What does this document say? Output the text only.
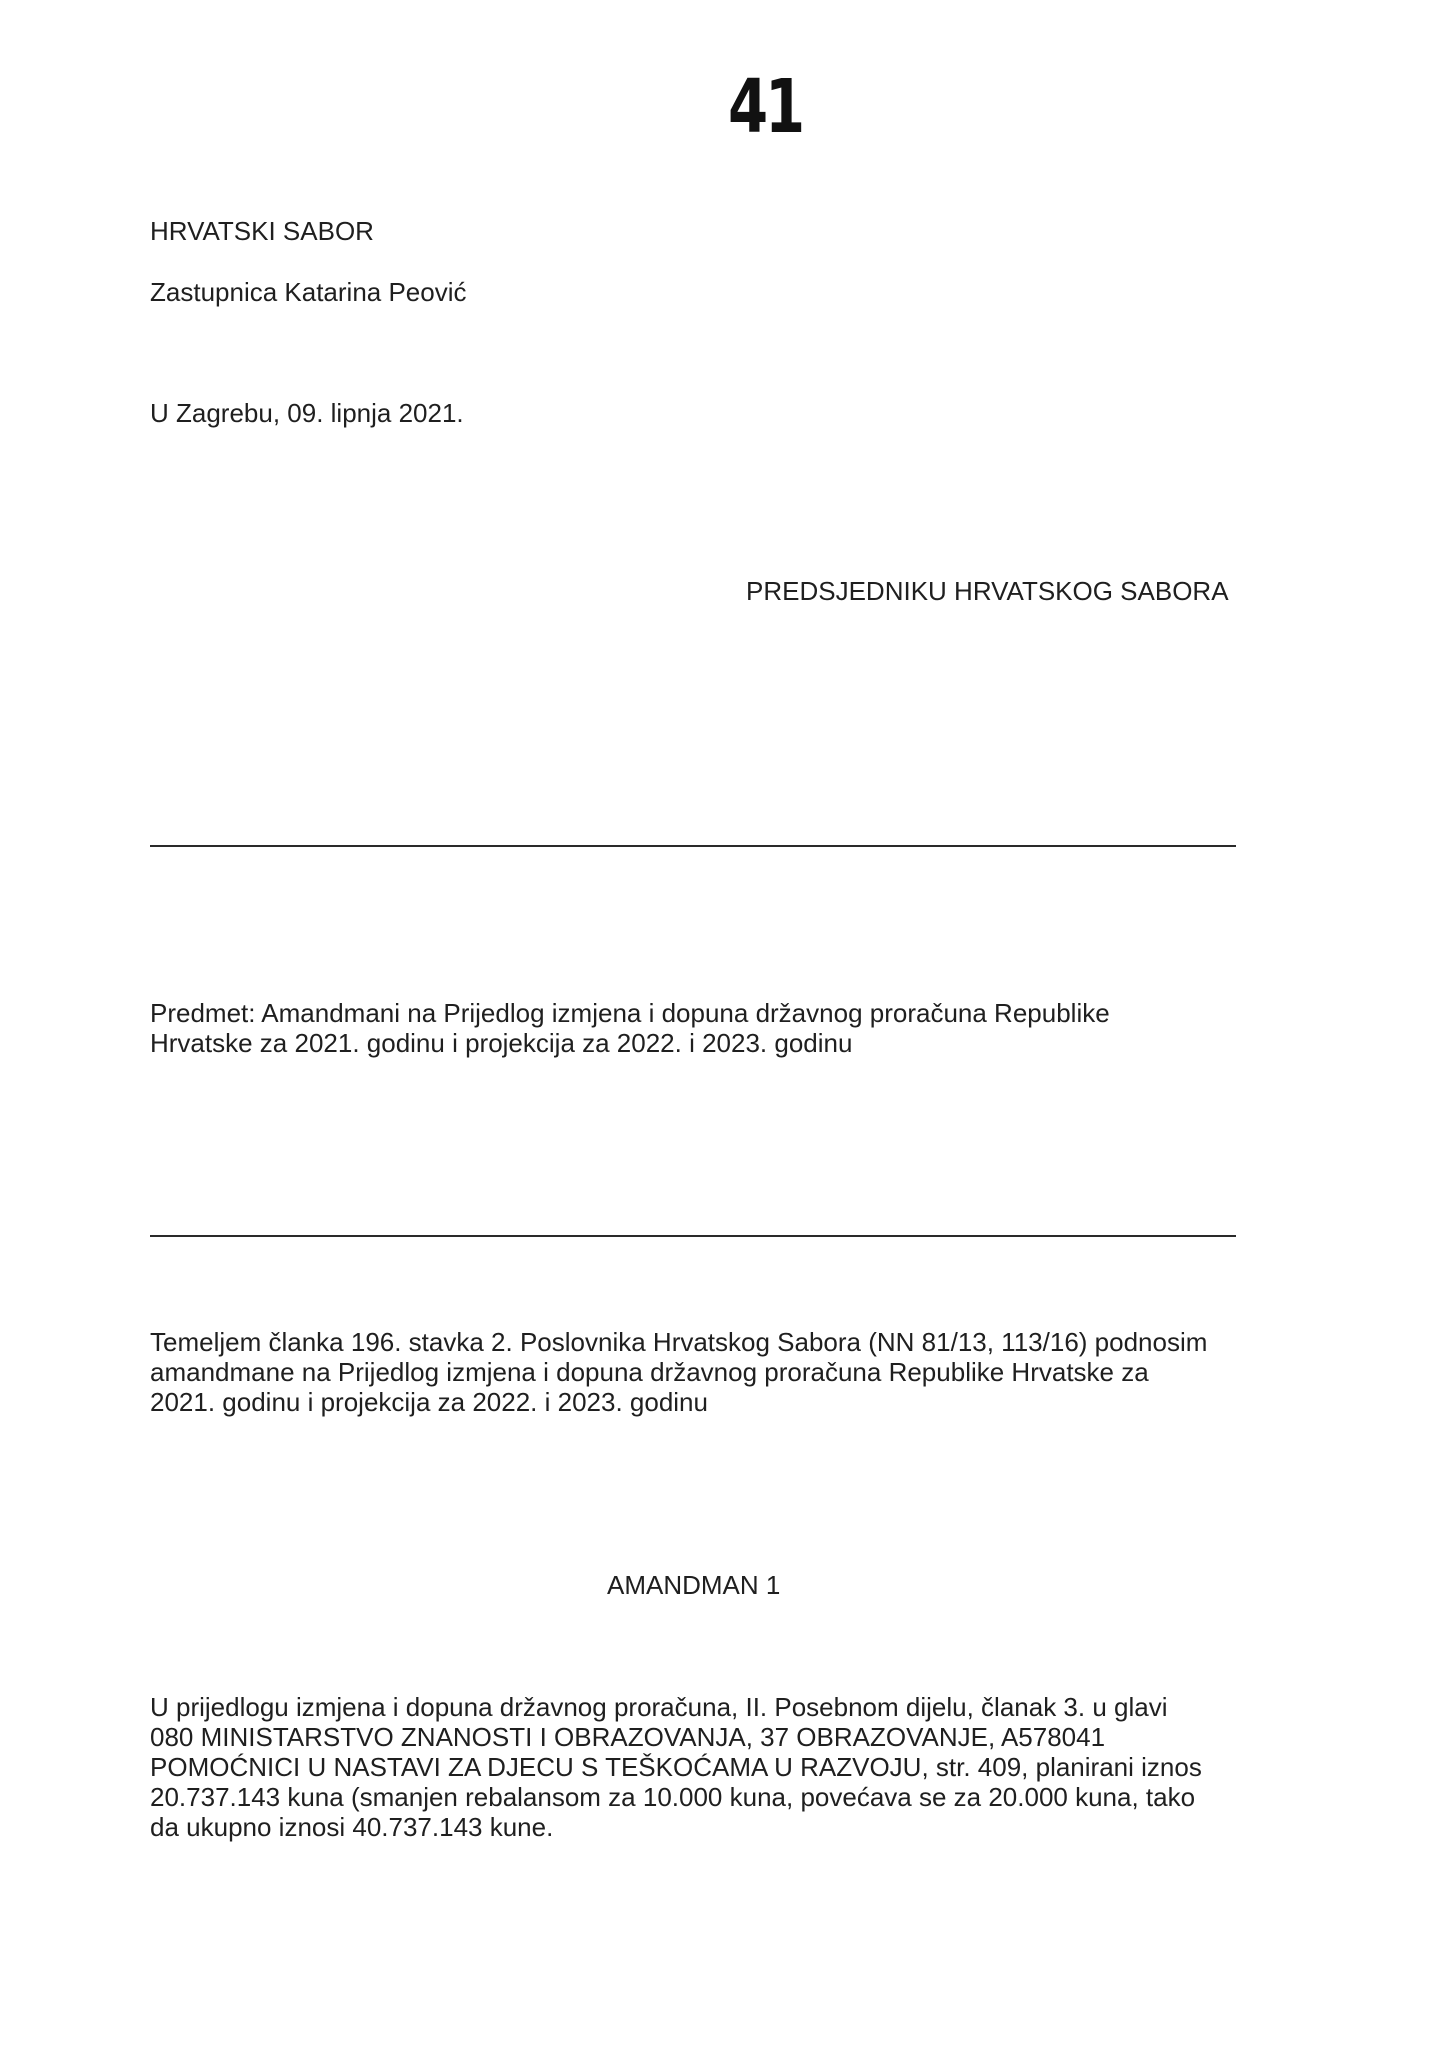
41
HRVATSKI SABOR
Zastupnica Katarina Peović
U Zagrebu, 09. lipnja 2021.
PREDSJEDNIKU HRVATSKOG SABORA
Predmet: Amandmani na Prijedlog izmjena i dopuna državnog proračuna Republike
Hrvatske za 2021. godinu i projekcija za 2022. i 2023. godinu
Temeljem članka 196. stavka 2. Poslovnika Hrvatskog Sabora (NN 81/13, 113/16) podnosim
amandmane na Prijedlog izmjena i dopuna državnog proračuna Republike Hrvatske za
2021. godinu i projekcija za 2022. i 2023. godinu
AMANDMAN 1
U prijedlogu izmjena i dopuna državnog proračuna, II. Posebnom dijelu, članak 3. u glavi
080 MINISTARSTVO ZNANOSTI I OBRAZOVANJA, 37 OBRAZOVANJE, A578041
POMOĆNICI U NASTAVI ZA DJECU S TEŠKOĆAMA U RAZVOJU, str. 409, planirani iznos
20.737.143 kuna (smanjen rebalansom za 10.000 kuna, povećava se za 20.000 kuna, tako
da ukupno iznosi 40.737.143 kune.
